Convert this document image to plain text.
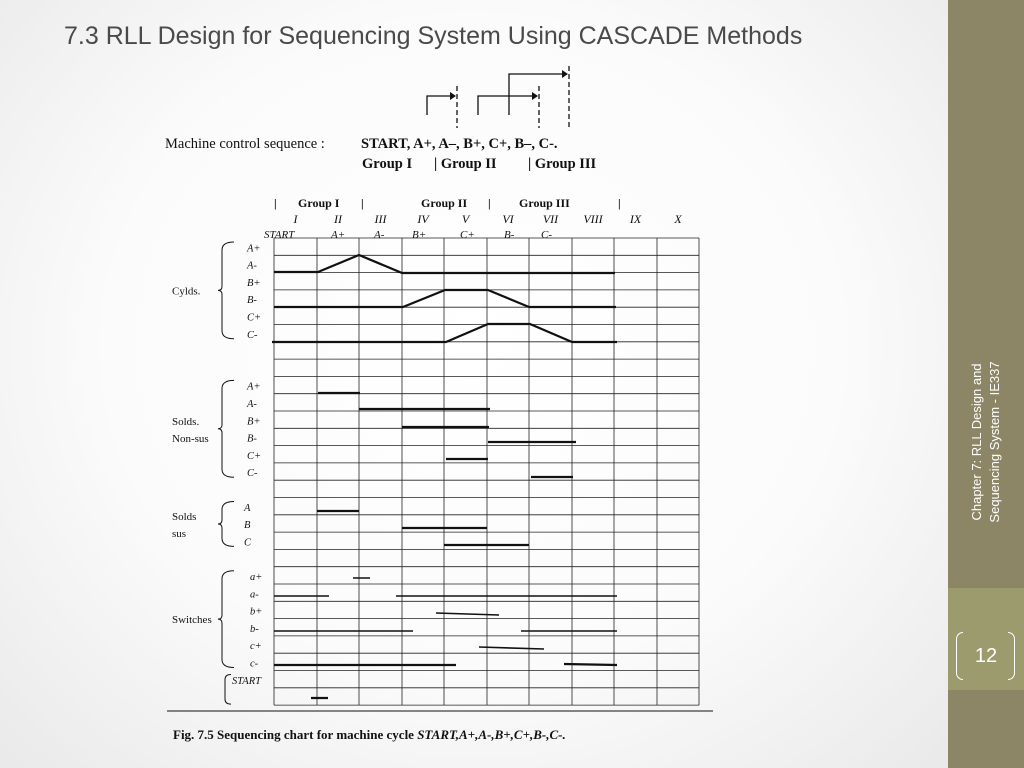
7.3 RLL Design for Sequencing System Using CASCADE Methods
Machine control sequence : START, A+, A–, B+, C+, B–, C-.
Group I | Group II | Group III
| Group I |	Group II | Group III	|
I	II	III	IV	V	VI VII VIII IX	X
START	A+	A-	B+	C+	B- C-
A+
A-
B+
B-
C+
C-
Cylds.
A+
A-
B+
B-
C+
C-
Solds.
Non-sus
A
B
C
Solds
sus
a+
a-
b+
b-
c+
c-
Switches
START
Fig. 7.5 Sequencing chart for machine cycle START,A+,A-,B+,C+,B-,C-.
Chapter 7: RLL Design and Sequencing System - IE337
12
